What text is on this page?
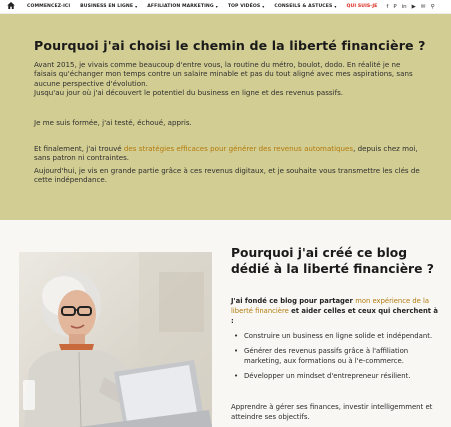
COMMENCEZ-ICI BUSINESS EN LIGNE ▾ AFFILIATION MARKETING ▾ TOP VIDÉOS ▾ CONSEILS & ASTUCES ▾ QUI SUIS-JE f P in ▶ ✉ ⚲
Pourquoi j'ai choisi le chemin de la liberté financière ?
Avant 2015, je vivais comme beaucoup d'entre vous, la routine du métro, boulot, dodo. En réalité je ne faisais qu'échanger mon temps contre un salaire minable et pas du tout aligné avec mes aspirations, sans aucune perspective d'évolution.
Jusqu'au jour où j'ai découvert le potentiel du business en ligne et des revenus passifs.
Je me suis formée, j'ai testé, échoué, appris.
Et finalement, j'ai trouvé des stratégies efficaces pour générer des revenus automatiques, depuis chez moi, sans patron ni contraintes.
Aujourd'hui, je vis en grande partie grâce à ces revenus digitaux, et je souhaite vous transmettre les clés de cette indépendance.
Pourquoi j'ai créé ce blog dédié à la liberté financière ?
J'ai fondé ce blog pour partager mon expérience de la liberté financière et aider celles et ceux qui cherchent à :
• Construire un business en ligne solide et indépendant.
• Générer des revenus passifs grâce à l'affiliation marketing, aux formations ou à l'e-commerce.
• Développer un mindset d'entrepreneur résilient.
Apprendre à gérer ses finances, investir intelligemment et atteindre ses objectifs.
